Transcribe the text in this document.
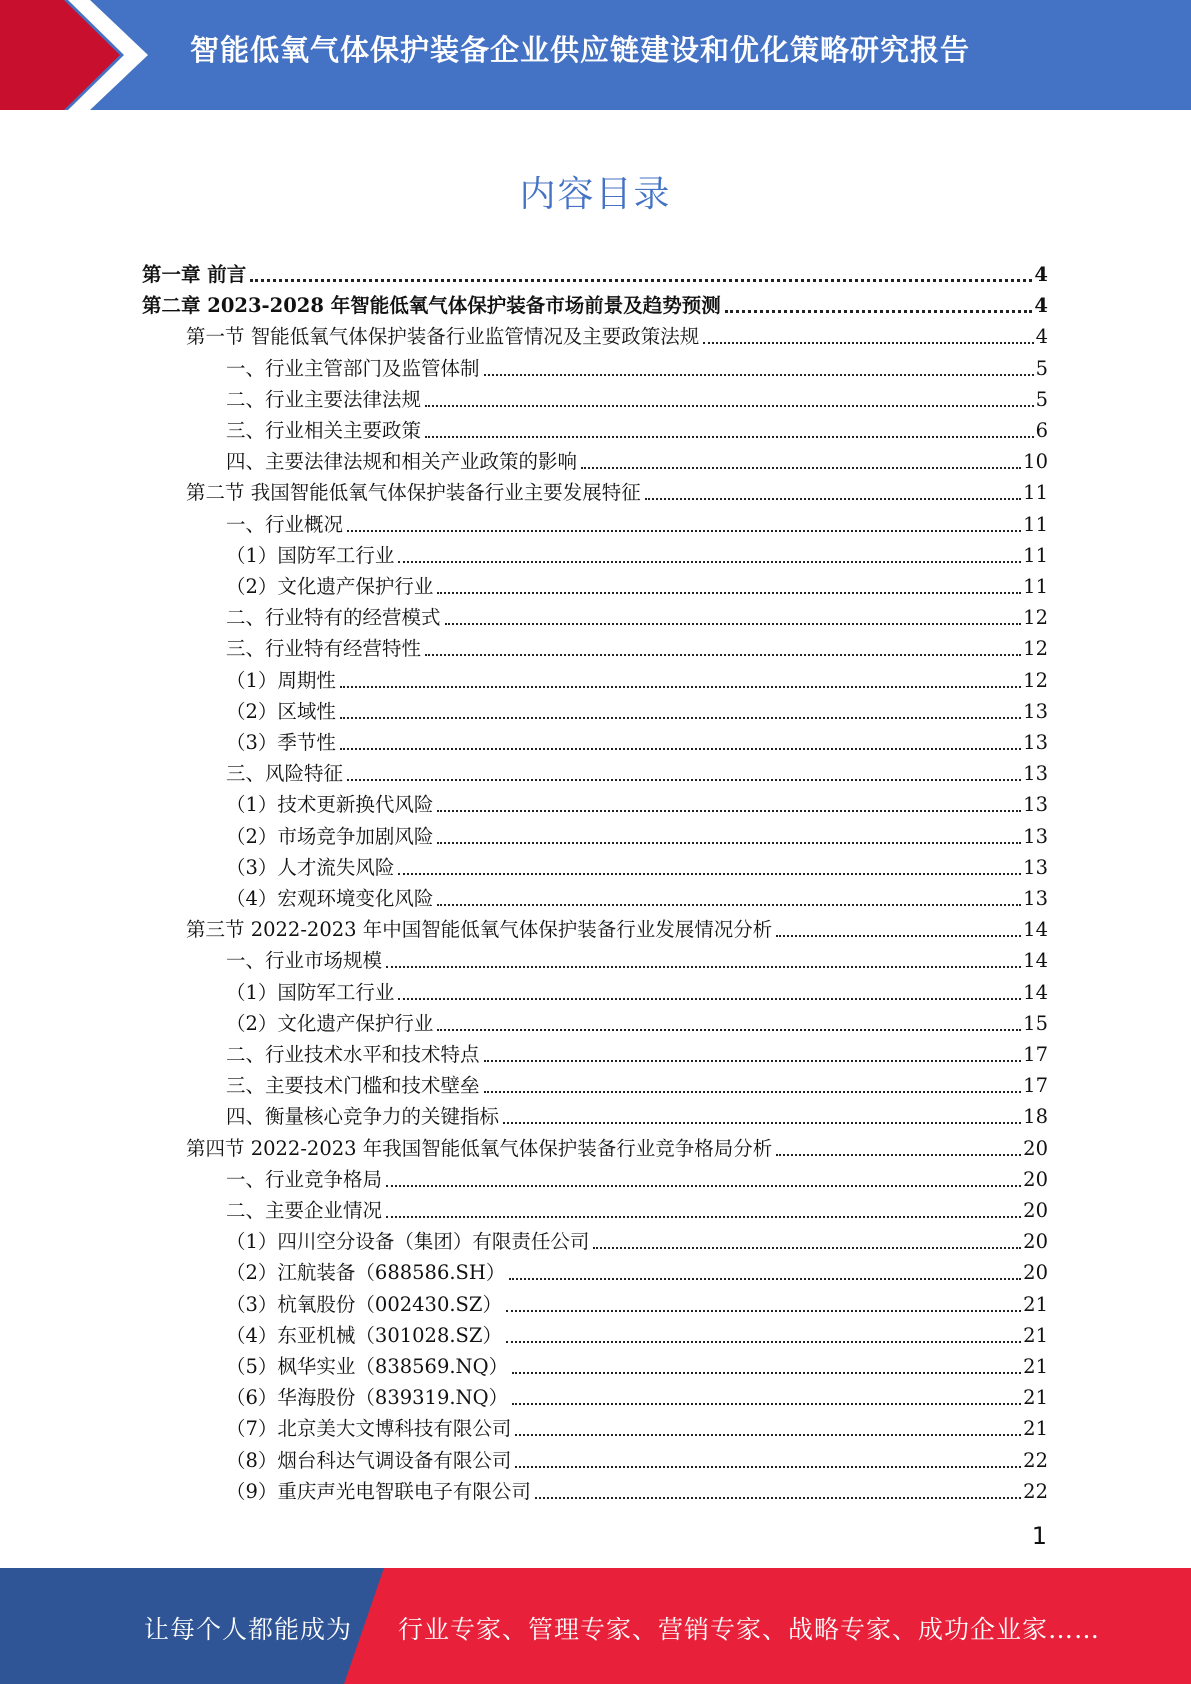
智能低氧气体保护装备企业供应链建设和优化策略研究报告
内容目录
第一章 前言	4
第二章 2023-2028 年智能低氧气体保护装备市场前景及趋势预测	4
第一节 智能低氧气体保护装备行业监管情况及主要政策法规	4
一、行业主管部门及监管体制	5
二、行业主要法律法规	5
三、行业相关主要政策	6
四、主要法律法规和相关产业政策的影响	10
第二节 我国智能低氧气体保护装备行业主要发展特征	11
一、行业概况	11
（1）国防军工行业	11
（2）文化遗产保护行业	11
二、行业特有的经营模式	12
三、行业特有经营特性	12
（1）周期性	12
（2）区域性	13
（3）季节性	13
三、风险特征	13
（1）技术更新换代风险	13
（2）市场竞争加剧风险	13
（3）人才流失风险	13
（4）宏观环境变化风险	13
第三节 2022-2023 年中国智能低氧气体保护装备行业发展情况分析	14
一、行业市场规模	14
（1）国防军工行业	14
（2）文化遗产保护行业	15
二、行业技术水平和技术特点	17
三、主要技术门槛和技术壁垒	17
四、衡量核心竞争力的关键指标	18
第四节 2022-2023 年我国智能低氧气体保护装备行业竞争格局分析	20
一、行业竞争格局	20
二、主要企业情况	20
（1）四川空分设备（集团）有限责任公司	20
（2）江航装备（688586.SH）	20
（3）杭氧股份（002430.SZ）	21
（4）东亚机械（301028.SZ）	21
（5）枫华实业（838569.NQ）	21
（6）华海股份（839319.NQ）	21
（7）北京美大文博科技有限公司	21
（8）烟台科达气调设备有限公司	22
（9）重庆声光电智联电子有限公司	22
1
让每个人都能成为 行业专家、管理专家、营销专家、战略专家、成功企业家……
